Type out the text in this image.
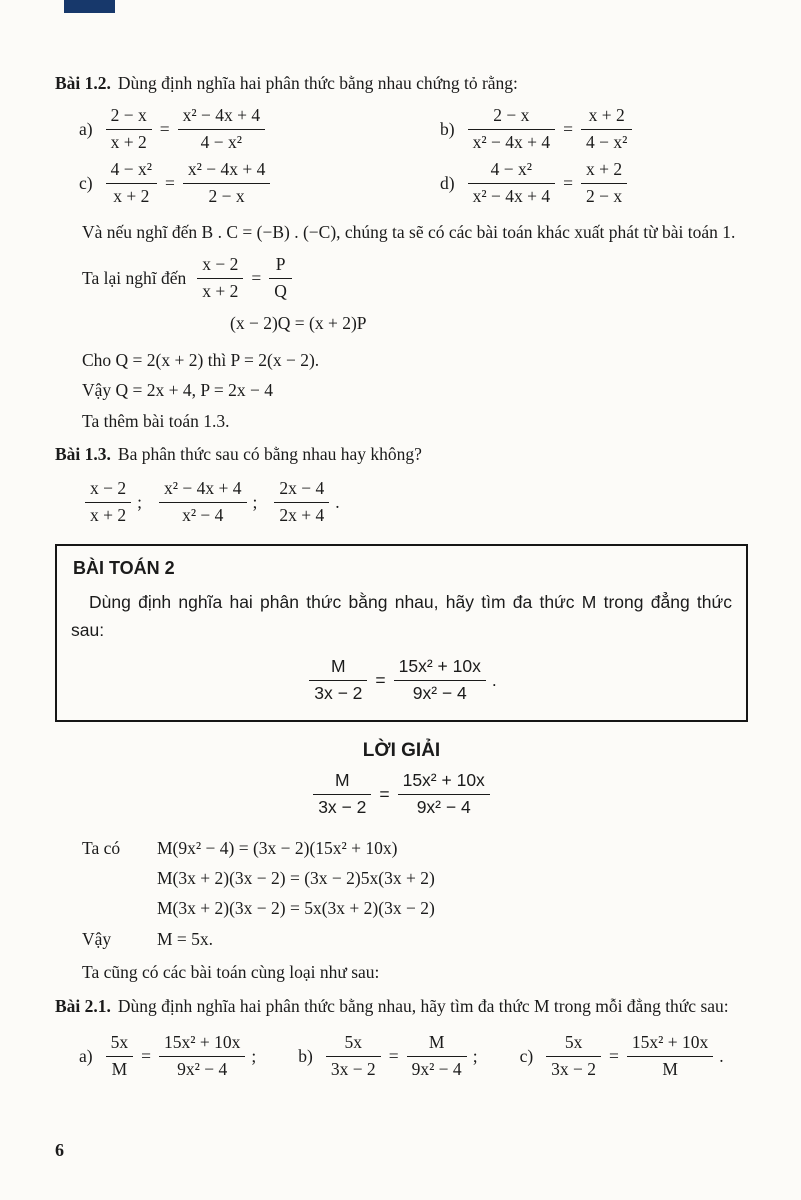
Bài 1.2. Dùng định nghĩa hai phân thức bằng nhau chứng tỏ rằng:

$a) \frac{2 - x}{x + 2} = \frac{\text{x² − 4x + 4}}{\text{4 − x²}}$	$b) \frac{2 - x}{\text{x² − 4x + 4}} = \frac{x + 2}{\text{4 − x²}}$
$c) \frac{\text{4 − x²}}{x + 2} = \frac{\text{x² − 4x + 4}}{2 - x}$	$d) \frac{\text{4 − x²}}{\text{x² − 4x + 4}} = \frac{x + 2}{2 - x}$

Và nếu nghĩ đến B . C = (−B) . (−C), chúng ta sẽ có các bài toán khác xuất phát từ bài toán 1.

Ta lại nghĩ đến $\frac{x - 2}{x + 2} = \frac{P}{Q}$
(x − 2)Q = (x + 2)P

Cho Q = 2(x + 2) thì P = 2(x − 2).

Vậy Q = 2x + 4, P = 2x − 4

Ta thêm bài toán 1.3.

Bài 1.3. Ba phân thức sau có bằng nhau hay không?

$\frac{x - 2}{x + 2}$ ; $\frac{\text{x² − 4x + 4}}{\text{x² − 4}}$ ; $\frac{2x - 4}{2x + 4}$ .
BÀI TOÁN 2
Dùng định nghĩa hai phân thức bằng nhau, hãy tìm đa thức M trong đẳng thức sau:
$\frac{M}{3x - 2} = \frac{\text{15x² + 10x}}{\text{9x² − 4}}$ .
LỜI GIẢI
$\frac{M}{3x - 2} = \frac{\text{15x² + 10x}}{\text{9x² − 4}}$
Ta có	M(9x² − 4) = (3x − 2)(15x² + 10x)
M(3x + 2)(3x − 2) = (3x − 2)5x(3x + 2)
M(3x + 2)(3x − 2) = 5x(3x + 2)(3x − 2)
Vậy	M = 5x.

Ta cũng có các bài toán cùng loại như sau:

Bài 2.1. Dùng định nghĩa hai phân thức bằng nhau, hãy tìm đa thức M trong mỗi đẳng thức sau:

$a) \frac{5x}{M} = \frac{\text{15x² + 10x}}{\text{9x² − 4}}$ ; $b) \frac{5x}{3x - 2} = \frac{M}{\text{9x² − 4}}$ ; $c) \frac{5x}{3x - 2} = \frac{\text{15x² + 10x}}{M}$ .
6
